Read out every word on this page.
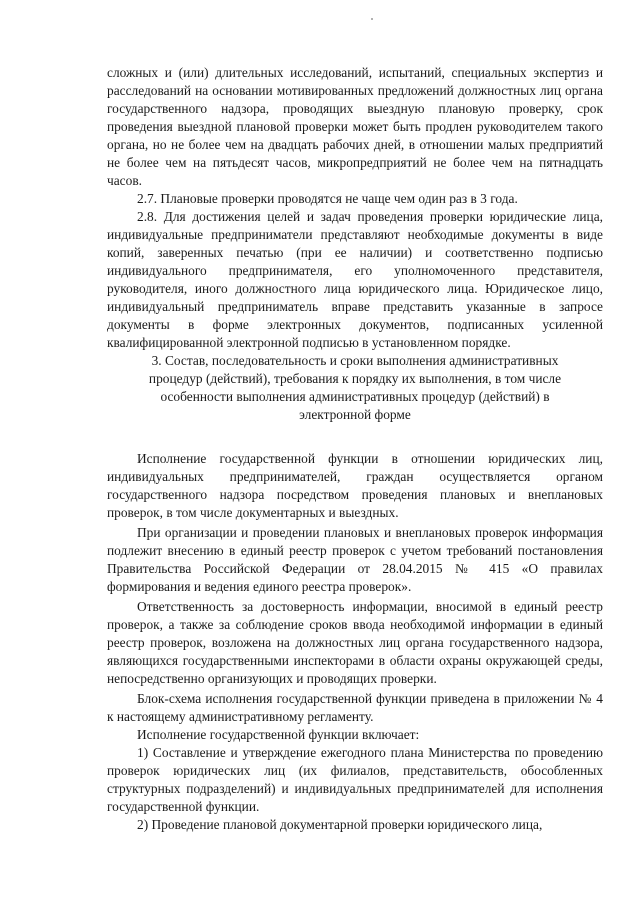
сложных и (или) длительных исследований, испытаний, специальных экспертиз и расследований на основании мотивированных предложений должностных лиц органа государственного надзора, проводящих выездную плановую проверку, срок проведения выездной плановой проверки может быть продлен руководителем такого органа, но не более чем на двадцать рабочих дней, в отношении малых предприятий не более чем на пятьдесят часов, микропредприятий не более чем на пятнадцать часов.

2.7. Плановые проверки проводятся не чаще чем один раз в 3 года.

2.8. Для достижения целей и задач проведения проверки юридические лица, индивидуальные предприниматели представляют необходимые документы в виде копий, заверенных печатью (при ее наличии) и соответственно подписью индивидуального предпринимателя, его уполномоченного представителя, руководителя, иного должностного лица юридического лица. Юридическое лицо, индивидуальный предприниматель вправе представить указанные в запросе документы в форме электронных документов, подписанных усиленной квалифицированной электронной подписью в установленном порядке.

3. Состав, последовательность и сроки выполнения административных процедур (действий), требования к порядку их выполнения, в том числе особенности выполнения административных процедур (действий) в электронной форме

Исполнение государственной функции в отношении юридических лиц, индивидуальных предпринимателей, граждан осуществляется органом государственного надзора посредством проведения плановых и внеплановых проверок, в том числе документарных и выездных.

При организации и проведении плановых и внеплановых проверок информация подлежит внесению в единый реестр проверок с учетом требований постановления Правительства Российской Федерации от 28.04.2015 № 415 «О правилах формирования и ведения единого реестра проверок».

Ответственность за достоверность информации, вносимой в единый реестр проверок, а также за соблюдение сроков ввода необходимой информации в единый реестр проверок, возложена на должностных лиц органа государственного надзора, являющихся государственными инспекторами в области охраны окружающей среды, непосредственно организующих и проводящих проверки.

Блок-схема исполнения государственной функции приведена в приложении № 4 к настоящему административному регламенту.

Исполнение государственной функции включает:

1) Составление и утверждение ежегодного плана Министерства по проведению проверок юридических лиц (их филиалов, представительств, обособленных структурных подразделений) и индивидуальных предпринимателей для исполнения государственной функции.

2) Проведение плановой документарной проверки юридического лица,
